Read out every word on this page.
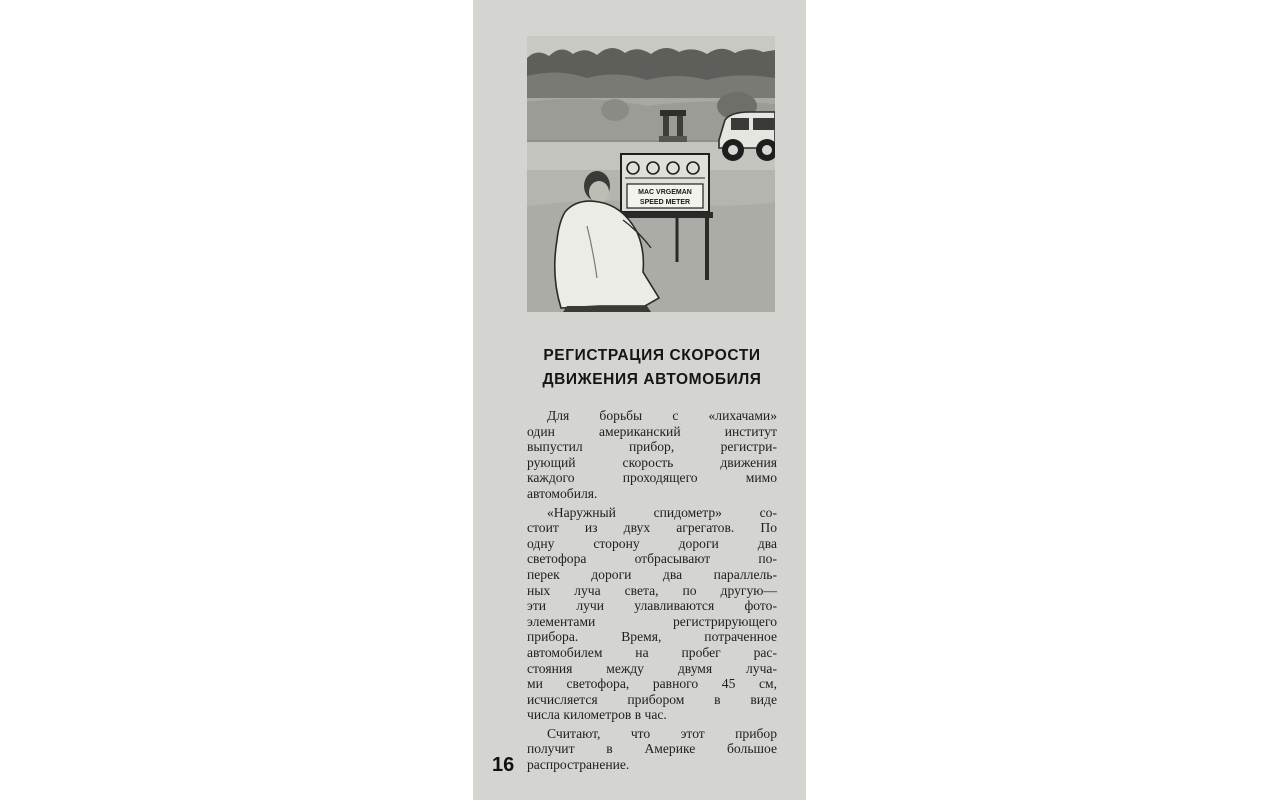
MAC VRGEMAN
SPEED METER
РЕГИСТРАЦИЯ СКОРОСТИ
ДВИЖЕНИЯ АВТОМОБИЛЯ

Для борьбы с «лихачами»
один американский институт
выпустил прибор, регистри-
рующий скорость движения
каждого проходящего мимо
автомобиля.

«Наружный спидометр» со-
стоит из двух агрегатов. По
одну сторону дороги два
светофора отбрасывают по-
перек дороги два параллель-
ных луча света, по другую—
эти лучи улавливаются фото-
элементами регистрирующего
прибора. Время, потраченное
автомобилем на пробег рас-
стояния между двумя луча-
ми светофора, равного 45 см,
исчисляется прибором в виде
числа километров в час.

Считают, что этот прибор
получит в Америке большое
распространение.

16
